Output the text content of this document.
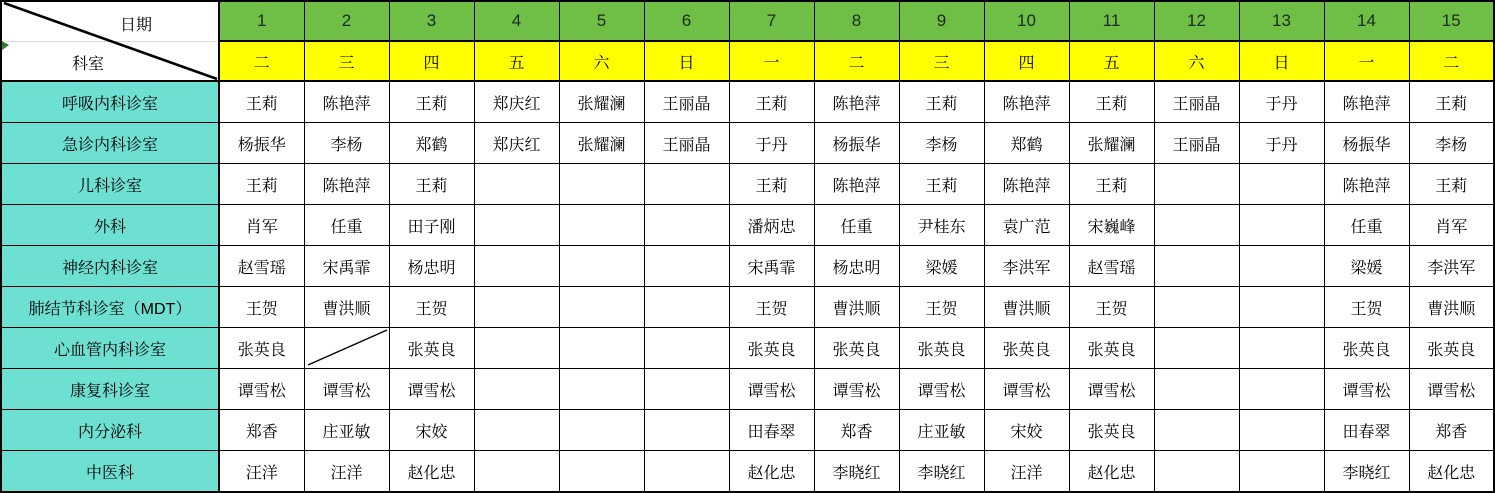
日期
科室	1	2	3	4	5	6	7	8	9	10	11	12	13	14	15
	二	三	四	五	六	日	一	二	三	四	五	六	日	一	二
呼吸内科诊室	王莉	陈艳萍	王莉	郑庆红	张耀澜	王丽晶	王莉	陈艳萍	王莉	陈艳萍	王莉	王丽晶	于丹	陈艳萍	王莉
急诊内科诊室	杨振华	李杨	郑鹤	郑庆红	张耀澜	王丽晶	于丹	杨振华	李杨	郑鹤	张耀澜	王丽晶	于丹	杨振华	李杨
儿科诊室	王莉	陈艳萍	王莉				王莉	陈艳萍	王莉	陈艳萍	王莉			陈艳萍	王莉
外科	肖军	任重	田子刚				潘炳忠	任重	尹桂东	袁广范	宋巍峰			任重	肖军
神经内科诊室	赵雪瑶	宋禹霏	杨忠明				宋禹霏	杨忠明	梁媛	李洪军	赵雪瑶			梁媛	李洪军
肺结节科诊室（MDT）	王贺	曹洪顺	王贺				王贺	曹洪顺	王贺	曹洪顺	王贺			王贺	曹洪顺
心血管内科诊室	张英良		张英良				张英良	张英良	张英良	张英良	张英良			张英良	张英良
康复科诊室	谭雪松	谭雪松	谭雪松				谭雪松	谭雪松	谭雪松	谭雪松	谭雪松			谭雪松	谭雪松
内分泌科	郑香	庄亚敏	宋姣				田春翠	郑香	庄亚敏	宋姣	张英良			田春翠	郑香
中医科	汪洋	汪洋	赵化忠				赵化忠	李晓红	李晓红	汪洋	赵化忠			李晓红	赵化忠
